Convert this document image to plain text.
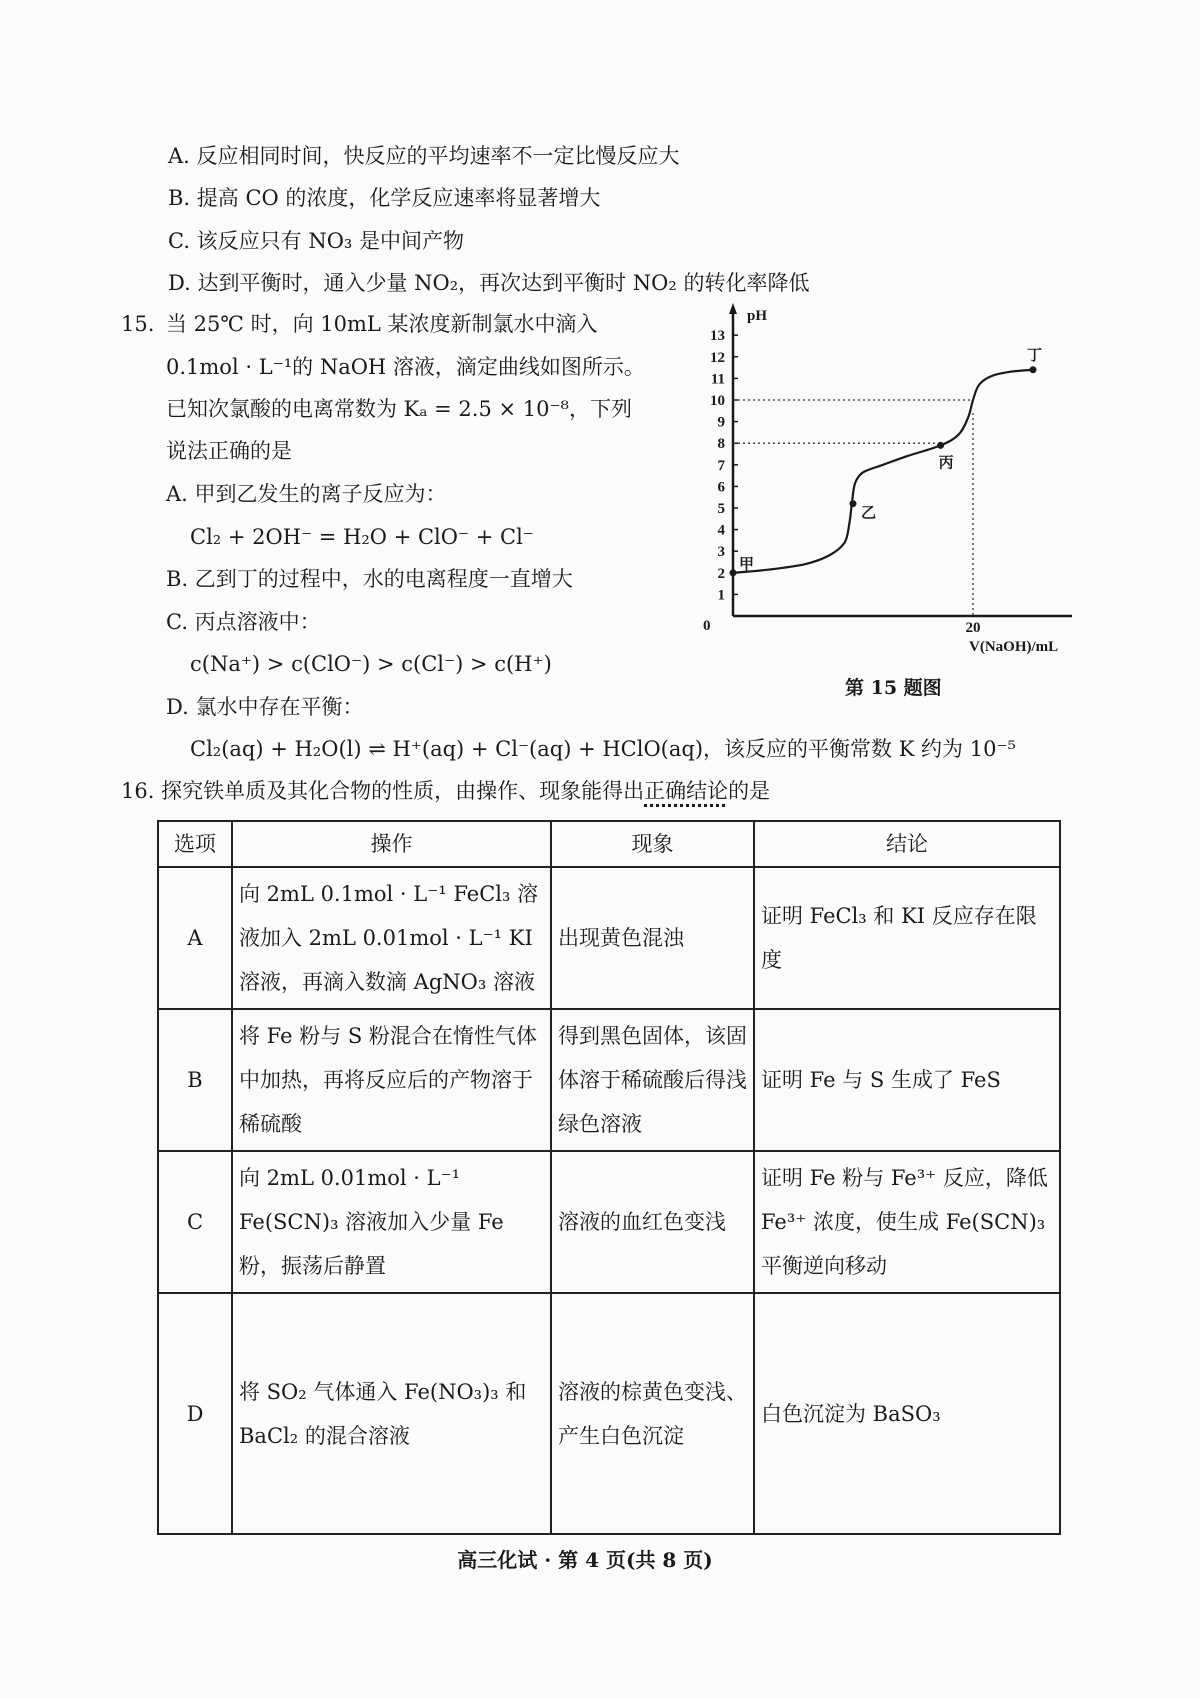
A. 反应相同时间，快反应的平均速率不一定比慢反应大
B. 提高 CO 的浓度，化学反应速率将显著增大
C. 该反应只有 NO₃ 是中间产物
D. 达到平衡时，通入少量 NO₂，再次达到平衡时 NO₂ 的转化率降低
15. 当 25℃ 时，向 10mL 某浓度新制氯水中滴入
0.1mol · L⁻¹的 NaOH 溶液，滴定曲线如图所示。
已知次氯酸的电离常数为 Kₐ = 2.5 × 10⁻⁸，下列
说法正确的是
A. 甲到乙发生的离子反应为：
Cl₂ + 2OH⁻ = H₂O + ClO⁻ + Cl⁻
B. 乙到丁的过程中，水的电离程度一直增大
C. 丙点溶液中：
c(Na⁺) > c(ClO⁻) > c(Cl⁻) > c(H⁺)
D. 氯水中存在平衡：
Cl₂(aq) + H₂O(l) ⇌ H⁺(aq) + Cl⁻(aq) + HClO(aq)，该反应的平衡常数 K 约为 10⁻⁵
pH
0
1
2
3
4
5
6
7
8
9
10
11
12
13
20
V(NaOH)/mL
甲
乙
丙
丁
第 15 题图
16. 探究铁单质及其化合物的性质，由操作、现象能得出正确结论的是
选项	操作	现象	结论
A	向 2mL 0.1mol · L⁻¹ FeCl₃ 溶液加入 2mL 0.01mol · L⁻¹ KI 溶液，再滴入数滴 AgNO₃ 溶液	出现黄色混浊	证明 FeCl₃ 和 KI 反应存在限度
B	将 Fe 粉与 S 粉混合在惰性气体中加热，再将反应后的产物溶于稀硫酸	得到黑色固体，该固体溶于稀硫酸后得浅绿色溶液	证明 Fe 与 S 生成了 FeS
C	向 2mL 0.01mol · L⁻¹ Fe(SCN)₃ 溶液加入少量 Fe 粉，振荡后静置	溶液的血红色变浅	证明 Fe 粉与 Fe³⁺ 反应，降低 Fe³⁺ 浓度，使生成 Fe(SCN)₃ 平衡逆向移动
D	将 SO₂ 气体通入 Fe(NO₃)₃ 和 BaCl₂ 的混合溶液	溶液的棕黄色变浅、产生白色沉淀	白色沉淀为 BaSO₃
高三化试 · 第 4 页(共 8 页)
